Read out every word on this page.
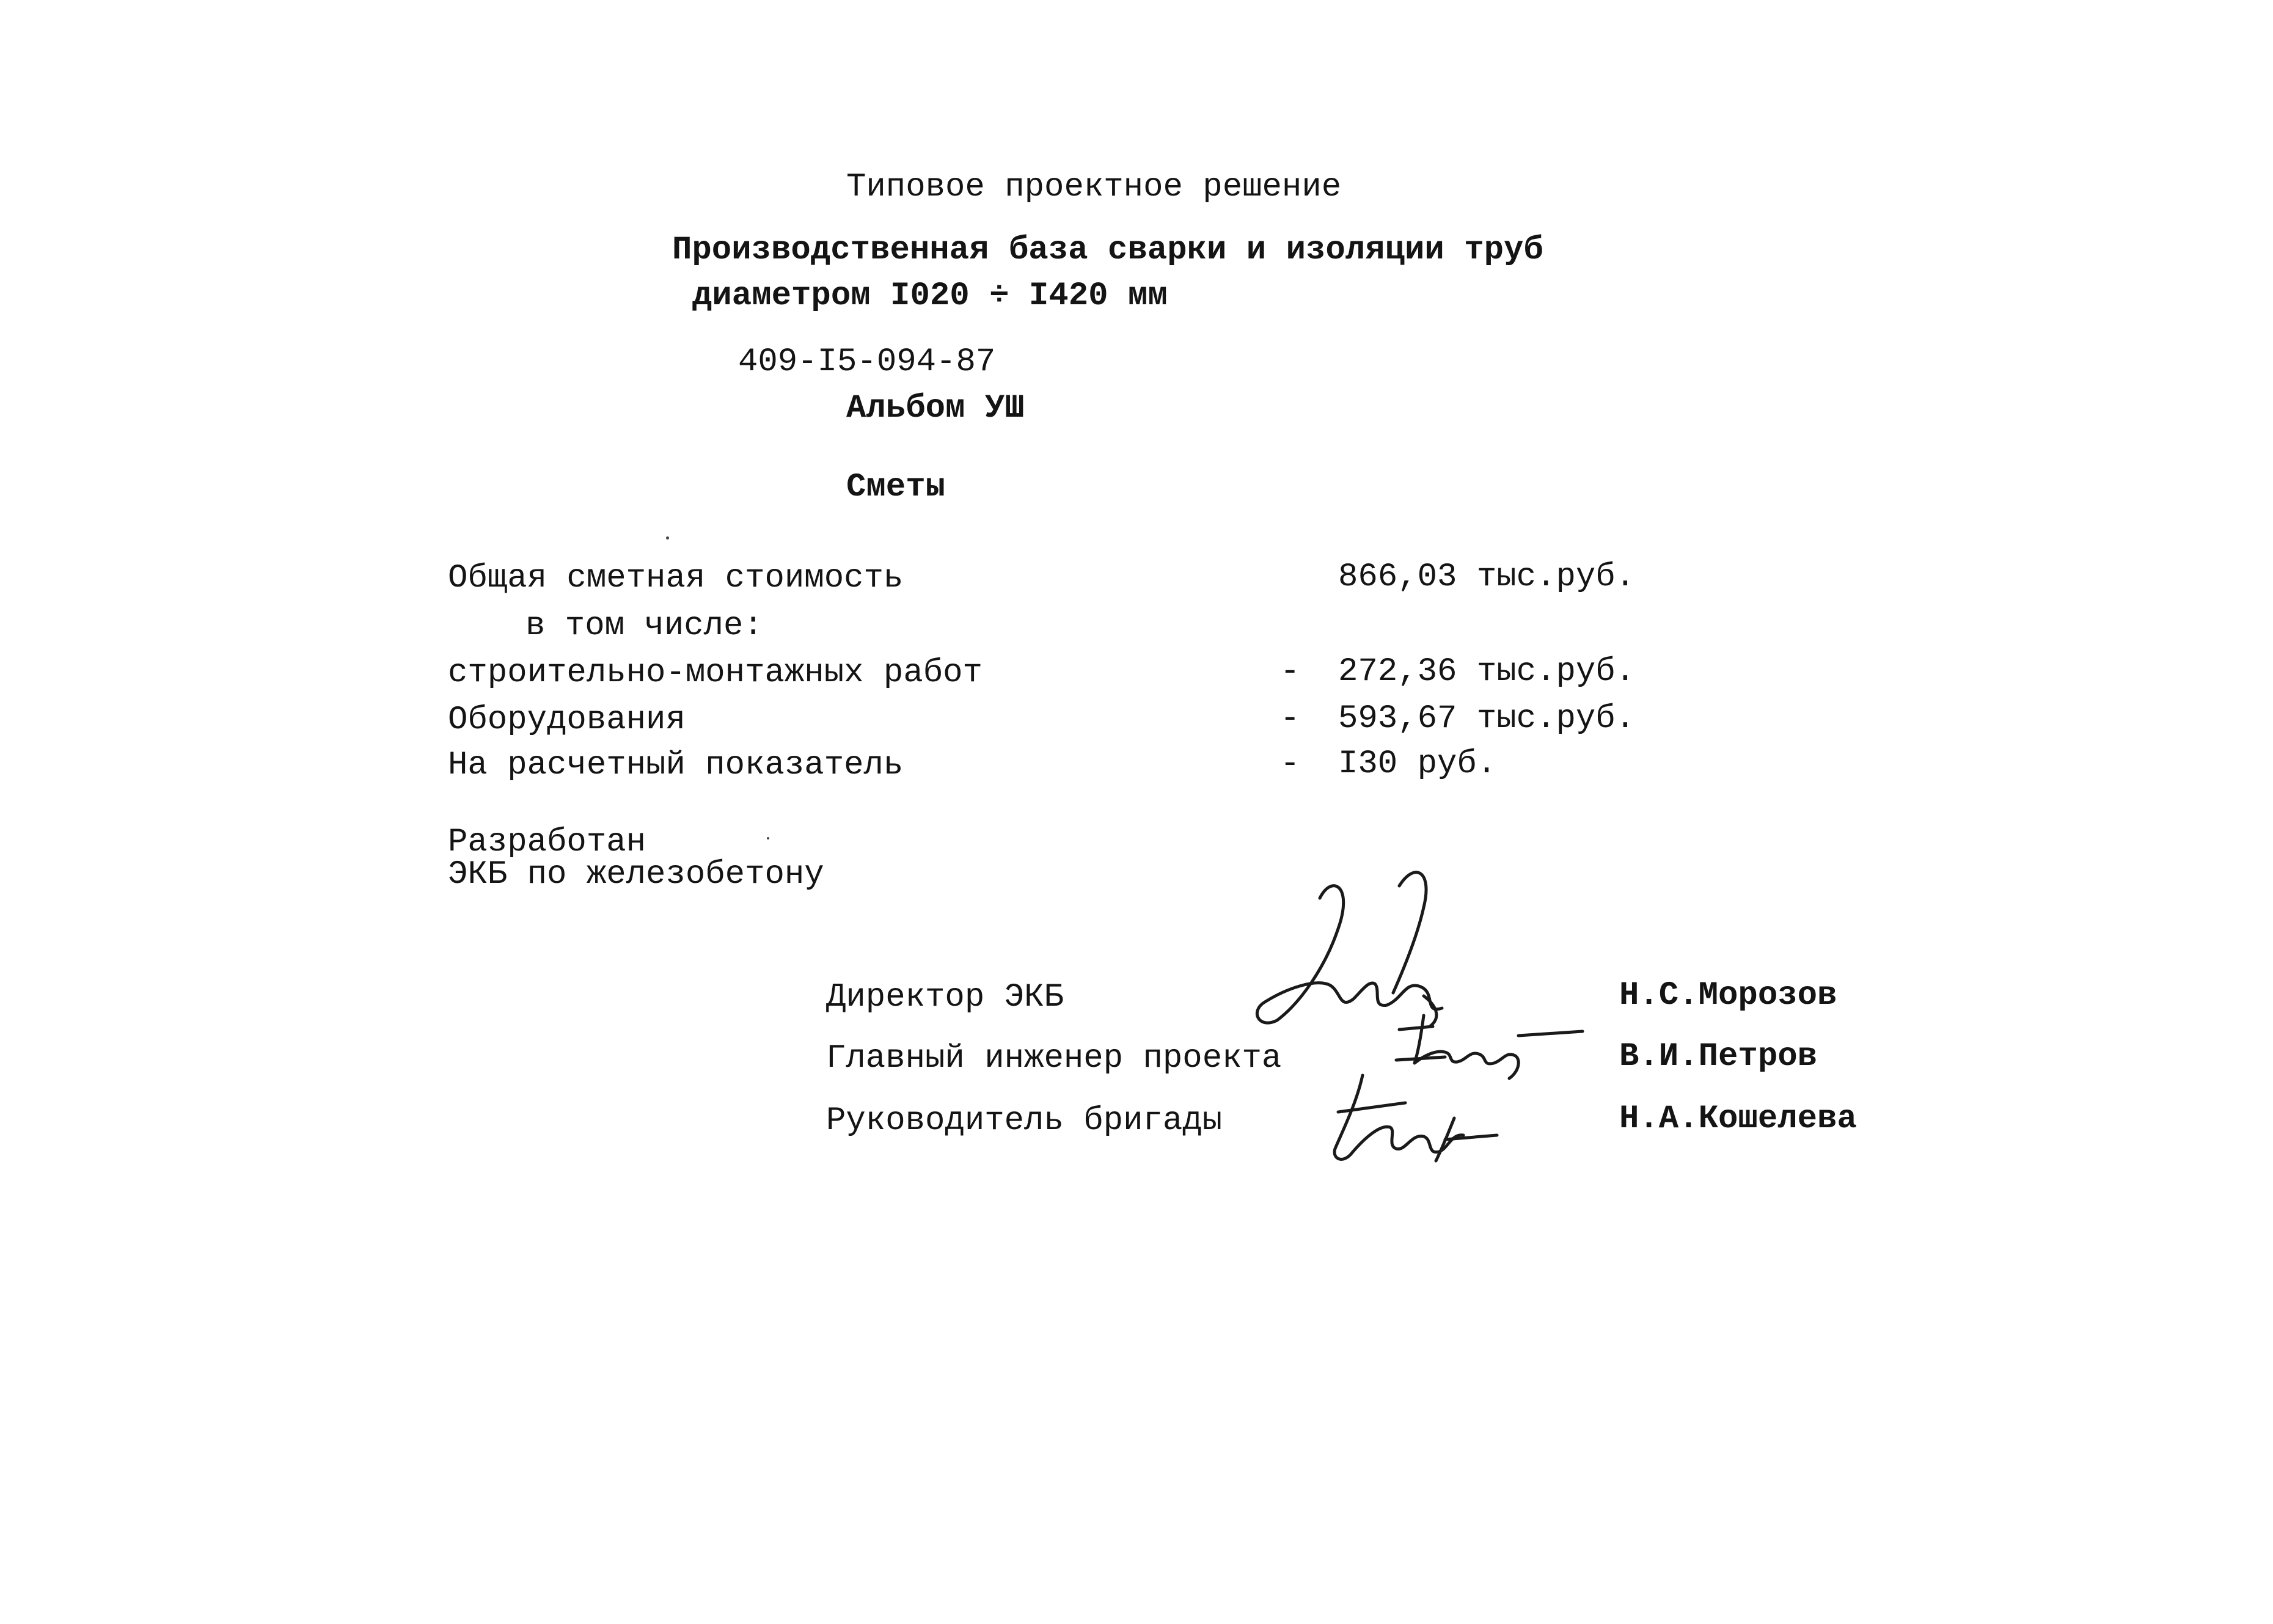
Типовое проектное решение
Производственная база сварки и изоляции труб
диаметром I020 ÷ I420 мм
409-I5-094-87
Альбом УШ
Сметы
Общая сметная стоимость	866,03 тыс.руб.
в том числе:
строительно-монтажных работ	- 272,36 тыс.руб.
Оборудования	- 593,67 тыс.руб.
На расчетный показатель	- I30 руб.
Разработан
ЭКБ по железобетону
Директор ЭКБ	Н.С.Морозов
Главный инженер проекта	В.И.Петров
Руководитель бригады	Н.А.Кошелева
